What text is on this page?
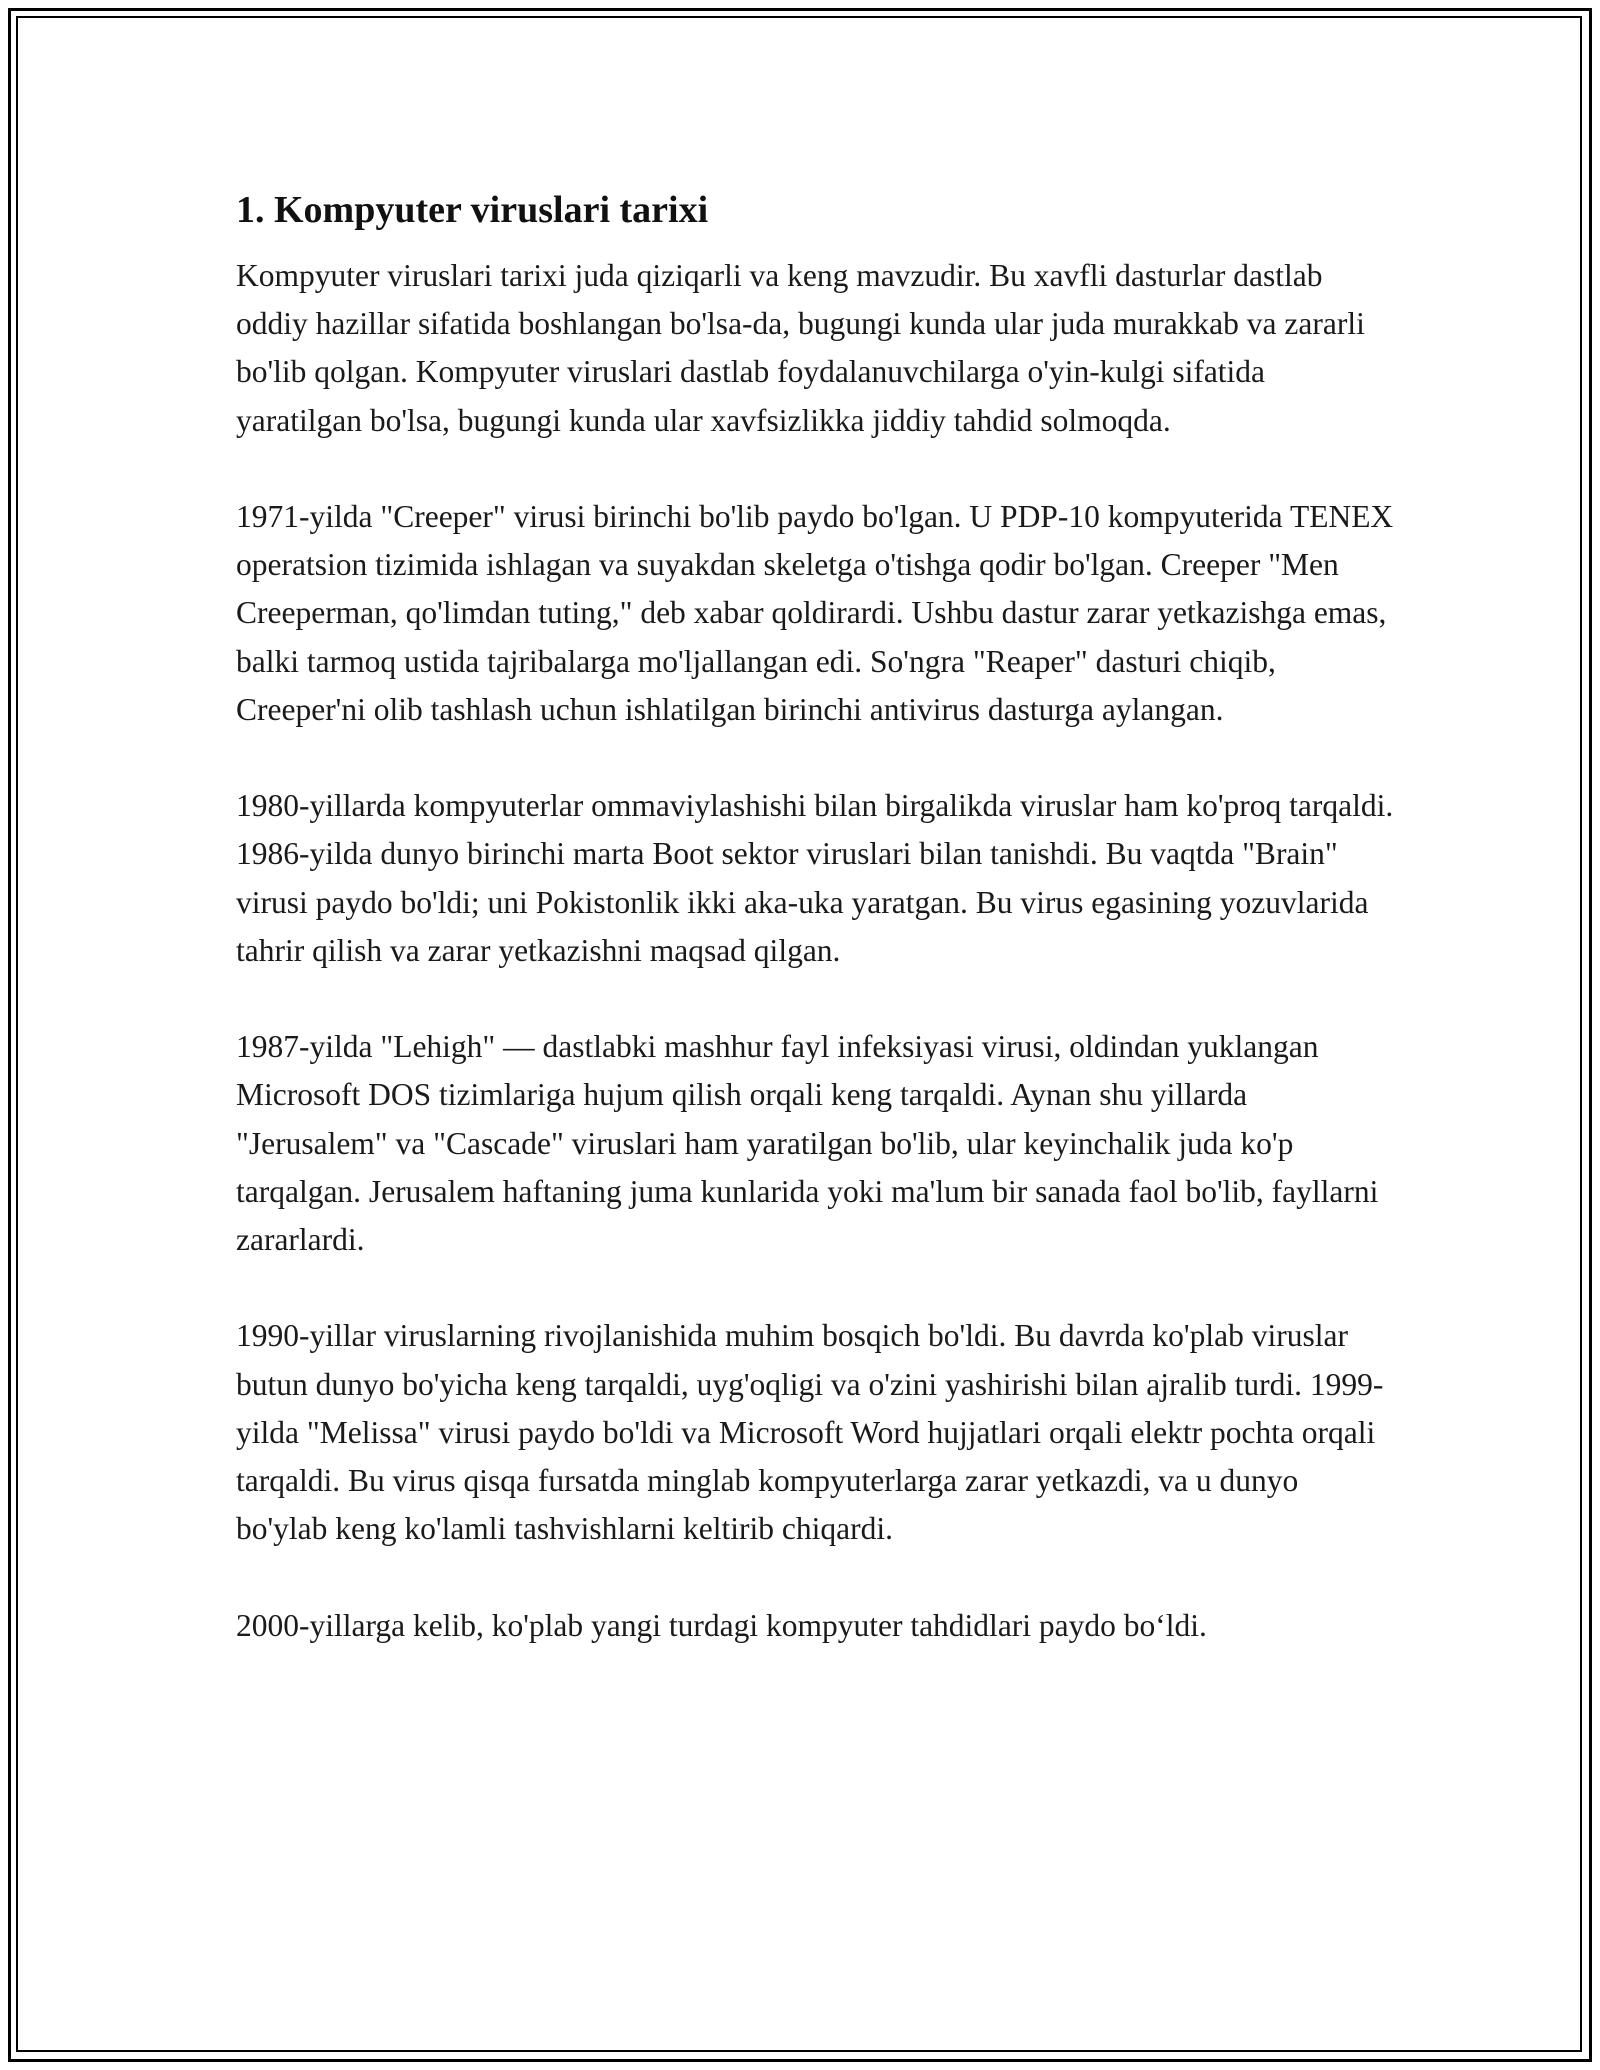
1. Kompyuter viruslari tarixi

Kompyuter viruslari tarixi juda qiziqarli va keng mavzudir. Bu xavfli dasturlar dastlab oddiy hazillar sifatida boshlangan bo'lsa-da, bugungi kunda ular juda murakkab va zararli bo'lib qolgan. Kompyuter viruslari dastlab foydalanuvchilarga o'yin-kulgi sifatida yaratilgan bo'lsa, bugungi kunda ular xavfsizlikka jiddiy tahdid solmoqda.

1971-yilda "Creeper" virusi birinchi bo'lib paydo bo'lgan. U PDP-10 kompyuterida TENEX operatsion tizimida ishlagan va suyakdan skeletga o'tishga qodir bo'lgan. Creeper "Men Creeperman, qo'limdan tuting," deb xabar qoldirardi. Ushbu dastur zarar yetkazishga emas, balki tarmoq ustida tajribalarga mo'ljallangan edi. So'ngra "Reaper" dasturi chiqib, Creeper'ni olib tashlash uchun ishlatilgan birinchi antivirus dasturga aylangan.

1980-yillarda kompyuterlar ommaviylashishi bilan birgalikda viruslar ham ko'proq tarqaldi. 1986-yilda dunyo birinchi marta Boot sektor viruslari bilan tanishdi. Bu vaqtda "Brain" virusi paydo bo'ldi; uni Pokistonlik ikki aka-uka yaratgan. Bu virus egasining yozuvlarida tahrir qilish va zarar yetkazishni maqsad qilgan.

1987-yilda "Lehigh" — dastlabki mashhur fayl infeksiyasi virusi, oldindan yuklangan Microsoft DOS tizimlariga hujum qilish orqali keng tarqaldi. Aynan shu yillarda "Jerusalem" va "Cascade" viruslari ham yaratilgan bo'lib, ular keyinchalik juda ko'p tarqalgan. Jerusalem haftaning juma kunlarida yoki ma'lum bir sanada faol bo'lib, fayllarni zararlardi.

1990-yillar viruslarning rivojlanishida muhim bosqich bo'ldi. Bu davrda ko'plab viruslar butun dunyo bo'yicha keng tarqaldi, uyg'oqligi va o'zini yashirishi bilan ajralib turdi. 1999-yilda "Melissa" virusi paydo bo'ldi va Microsoft Word hujjatlari orqali elektr pochta orqali tarqaldi. Bu virus qisqa fursatda minglab kompyuterlarga zarar yetkazdi, va u dunyo bo'ylab keng ko'lamli tashvishlarni keltirib chiqardi.

2000-yillarga kelib, ko'plab yangi turdagi kompyuter tahdidlari paydo bo‘ldi.
